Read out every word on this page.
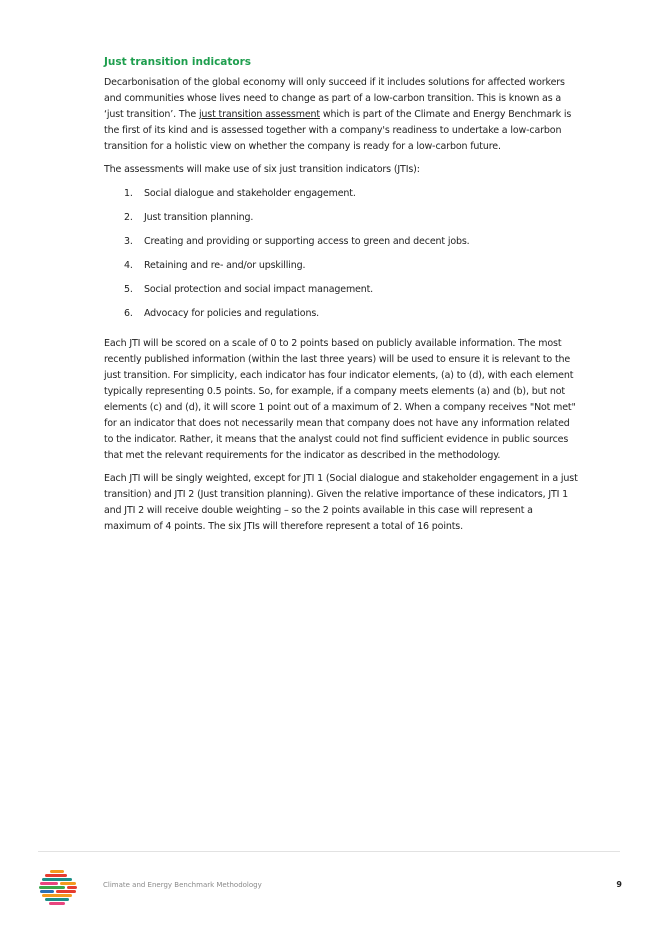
Just transition indicators

Decarbonisation of the global economy will only succeed if it includes solutions for affected workers and communities whose lives need to change as part of a low-carbon transition. This is known as a ‘just transition’. The just transition assessment which is part of the Climate and Energy Benchmark is the first of its kind and is assessed together with a company's readiness to undertake a low-carbon transition for a holistic view on whether the company is ready for a low-carbon future.

The assessments will make use of six just transition indicators (JTIs):

1.	Social dialogue and stakeholder engagement.
2.	Just transition planning.
3.	Creating and providing or supporting access to green and decent jobs.
4.	Retaining and re- and/or upskilling.
5.	Social protection and social impact management.
6.	Advocacy for policies and regulations.

Each JTI will be scored on a scale of 0 to 2 points based on publicly available information. The most recently published information (within the last three years) will be used to ensure it is relevant to the just transition. For simplicity, each indicator has four indicator elements, (a) to (d), with each element typically representing 0.5 points. So, for example, if a company meets elements (a) and (b), but not elements (c) and (d), it will score 1 point out of a maximum of 2. When a company receives "Not met" for an indicator that does not necessarily mean that company does not have any information related to the indicator. Rather, it means that the analyst could not find sufficient evidence in public sources that met the relevant requirements for the indicator as described in the methodology.

Each JTI will be singly weighted, except for JTI 1 (Social dialogue and stakeholder engagement in a just transition) and JTI 2 (Just transition planning). Given the relative importance of these indicators, JTI 1 and JTI 2 will receive double weighting – so the 2 points available in this case will represent a maximum of 4 points. The six JTIs will therefore represent a total of 16 points.

Climate and Energy Benchmark Methodology	9
